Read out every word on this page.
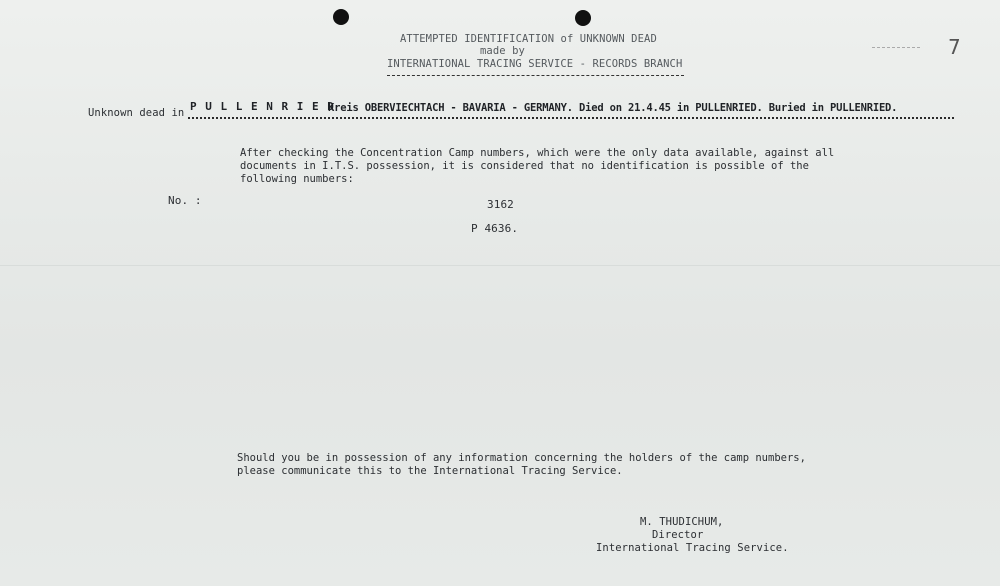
ATTEMPTED IDENTIFICATION of UNKNOWN DEAD
made by
INTERNATIONAL TRACING SERVICE - RECORDS BRANCH
7
Unknown dead in P U L L E N R I E D
Kreis OBERVIECHTACH - BAVARIA - GERMANY. Died on 21.4.45 in PULLENRIED. Buried in PULLENRIED.
After checking the Concentration Camp numbers, which were the only data available, against all
documents in I.T.S. possession, it is considered that no identification is possible of the
following numbers:
No. :	3162
P 4636.
Should you be in possession of any information concerning the holders of the camp numbers,
please communicate this to the International Tracing Service.
M. THUDICHUM,
Director
International Tracing Service.
